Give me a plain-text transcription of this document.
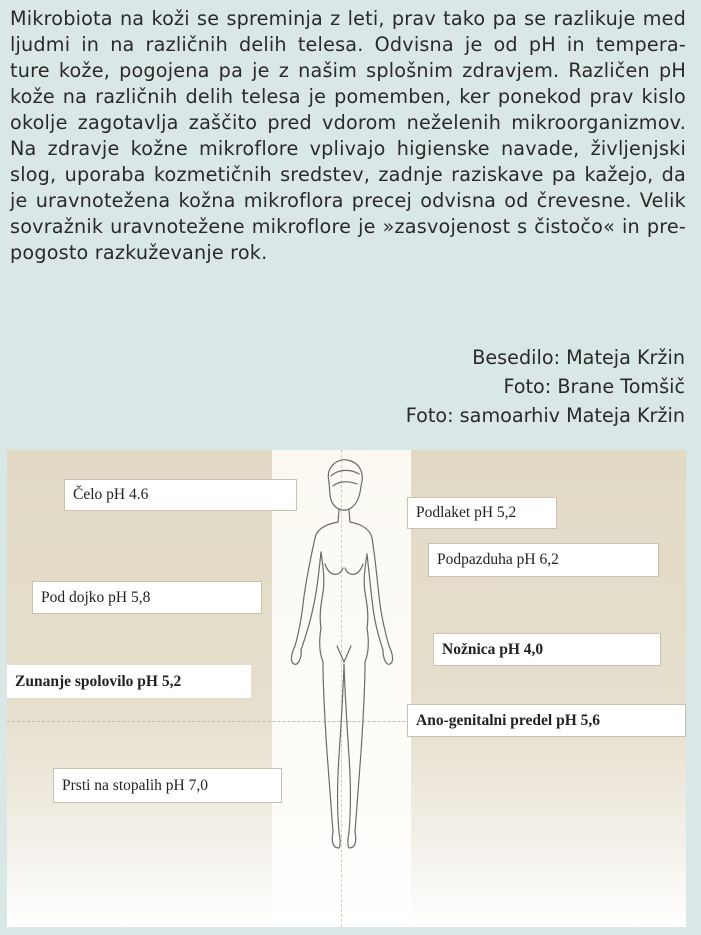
Mikrobiota na koži se spreminja z leti, prav tako pa se razlikuje med

ljudmi in na različnih delih telesa. Odvisna je od pH in tempera-

ture kože, pogojena pa je z našim splošnim zdravjem. Različen pH

kože na različnih delih telesa je pomemben, ker ponekod prav kislo

okolje zagotavlja zaščito pred vdorom neželenih mikroorganizmov.

Na zdravje kožne mikroflore vplivajo higienske navade, življenjski

slog, uporaba kozmetičnih sredstev, zadnje raziskave pa kažejo, da

je uravnotežena kožna mikroflora precej odvisna od črevesne. Velik

sovražnik uravnotežene mikroflore je »zasvojenost s čistočo« in pre-

pogosto razkuževanje rok.

Besedilo: Mateja Kržin
Foto: Brane Tomšič
Foto: samoarhiv Mateja Kržin
Čelo pH 4.6
Podlaket pH 5,2
Podpazduha pH 6,2
Pod dojko pH 5,8
Nožnica pH 4,0
Zunanje spolovilo pH 5,2
Ano-genitalni predel pH 5,6
Prsti na stopalih pH 7,0
